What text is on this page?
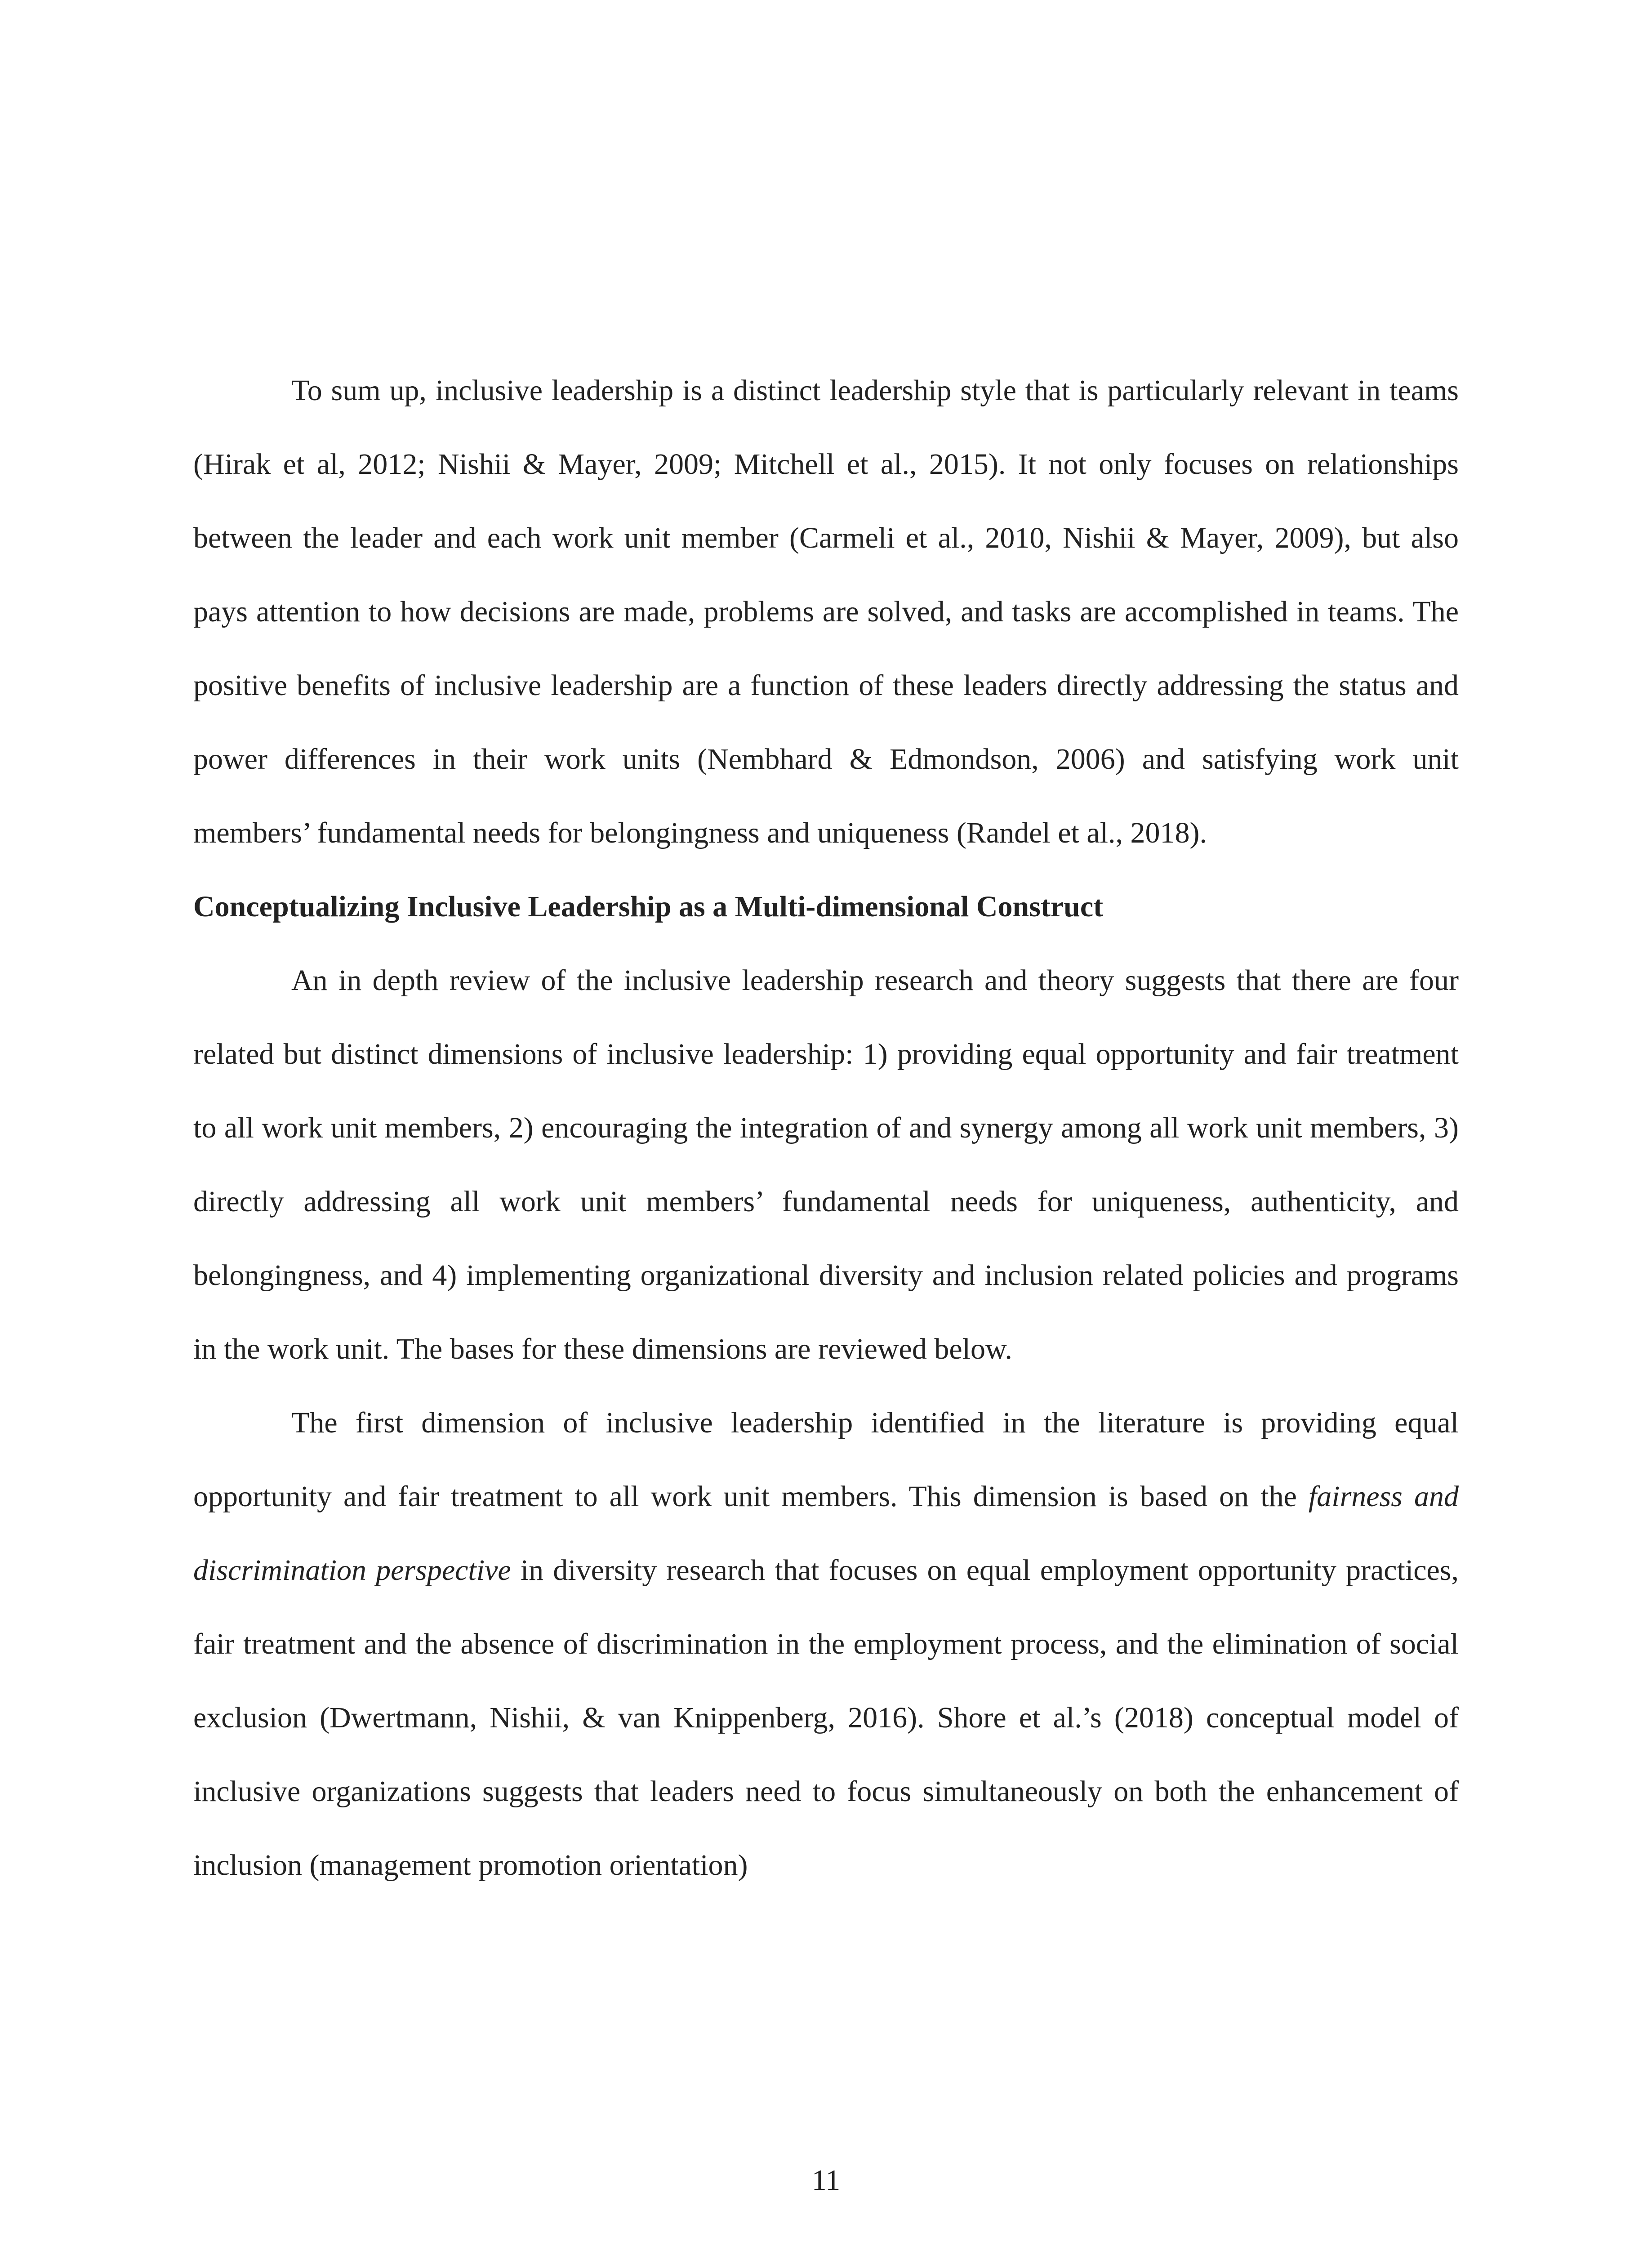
To sum up, inclusive leadership is a distinct leadership style that is particularly relevant in teams (Hirak et al, 2012; Nishii & Mayer, 2009; Mitchell et al., 2015). It not only focuses on relationships between the leader and each work unit member (Carmeli et al., 2010, Nishii & Mayer, 2009), but also pays attention to how decisions are made, problems are solved, and tasks are accomplished in teams. The positive benefits of inclusive leadership are a function of these leaders directly addressing the status and power differences in their work units (Nembhard & Edmondson, 2006) and satisfying work unit members’ fundamental needs for belongingness and uniqueness (Randel et al., 2018).

Conceptualizing Inclusive Leadership as a Multi-dimensional Construct

An in depth review of the inclusive leadership research and theory suggests that there are four related but distinct dimensions of inclusive leadership: 1) providing equal opportunity and fair treatment to all work unit members, 2) encouraging the integration of and synergy among all work unit members, 3) directly addressing all work unit members’ fundamental needs for uniqueness, authenticity, and belongingness, and 4) implementing organizational diversity and inclusion related policies and programs in the work unit. The bases for these dimensions are reviewed below.

The first dimension of inclusive leadership identified in the literature is providing equal opportunity and fair treatment to all work unit members. This dimension is based on the fairness and discrimination perspective in diversity research that focuses on equal employment opportunity practices, fair treatment and the absence of discrimination in the employment process, and the elimination of social exclusion (Dwertmann, Nishii, & van Knippenberg, 2016). Shore et al.’s (2018) conceptual model of inclusive organizations suggests that leaders need to focus simultaneously on both the enhancement of inclusion (management promotion orientation)

11
